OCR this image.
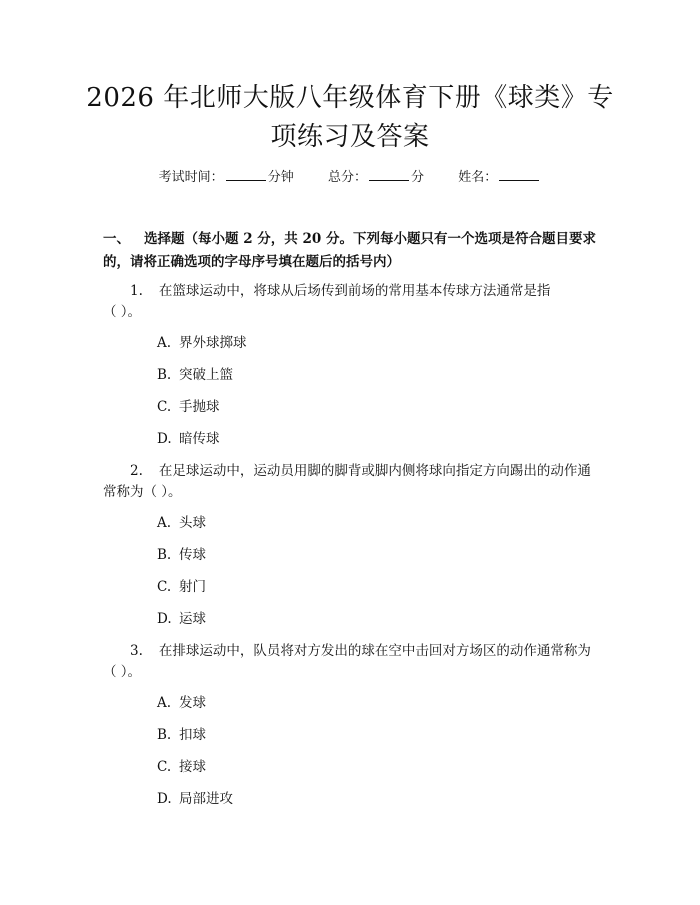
2026 年北师大版八年级体育下册《球类》专
项练习及答案
考试时间：	分钟	总分：	分	姓名：
一、 选择题（每小题 2 分，共 20 分。下列每小题只有一个选项是符合题目要求
的，请将正确选项的字母序号填在题后的括号内）
1. 在篮球运动中，将球从后场传到前场的常用基本传球方法通常是指
（ ）。
A. 界外球掷球
B. 突破上篮
C. 手抛球
D. 暗传球
2. 在足球运动中，运动员用脚的脚背或脚内侧将球向指定方向踢出的动作通
常称为（ ）。
A. 头球
B. 传球
C. 射门
D. 运球
3. 在排球运动中，队员将对方发出的球在空中击回对方场区的动作通常称为
（ ）。
A. 发球
B. 扣球
C. 接球
D. 局部进攻
